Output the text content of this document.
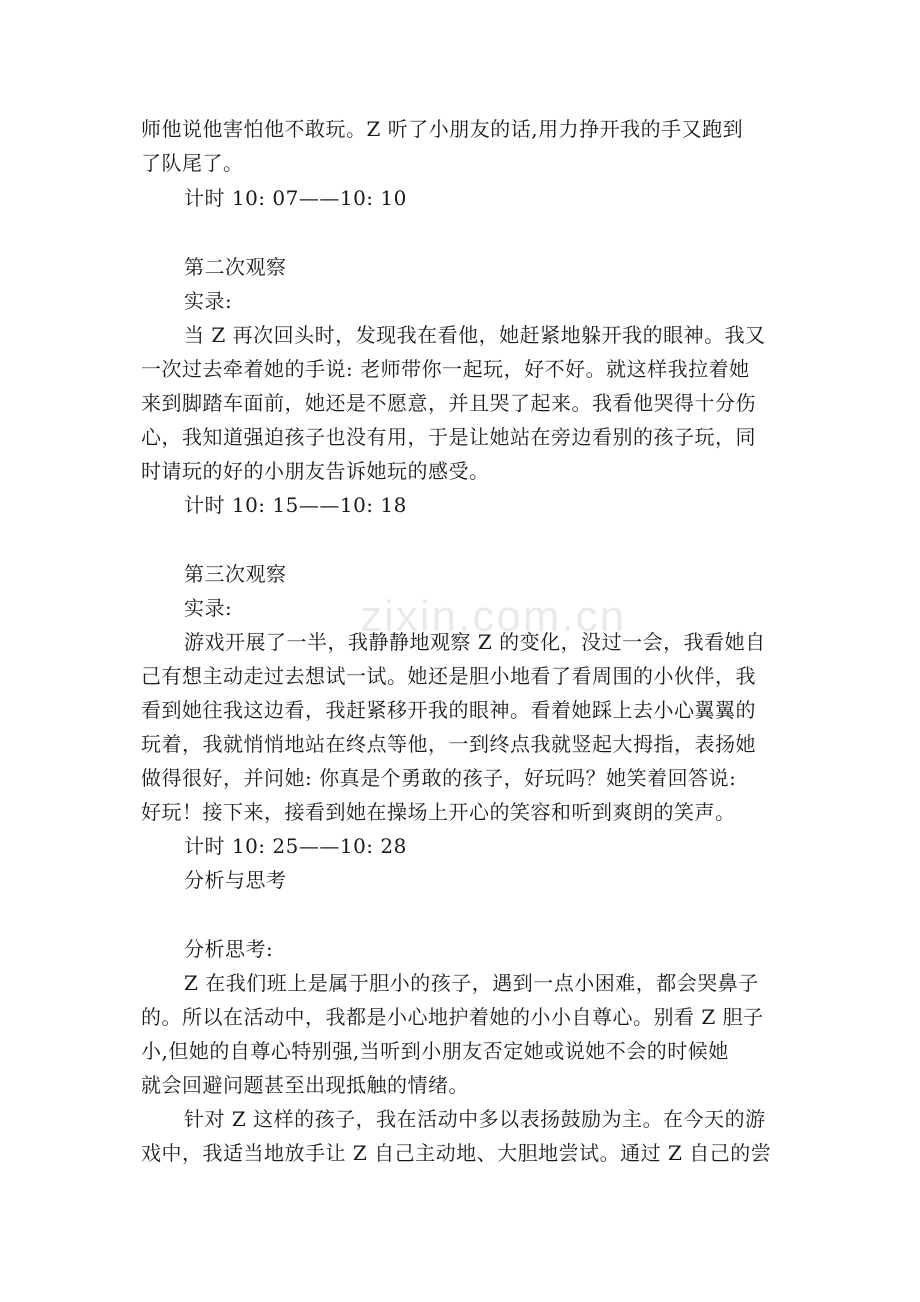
zixin.com.cn
师他说他害怕他不敢玩。Z 听了小朋友的话,用力挣开我的手又跑到
了队尾了。
计时 10: 07——10: 10
第二次观察
实录:
当 Z 再次回头时，发现我在看他，她赶紧地躲开我的眼神。我又
一次过去牵着她的手说: 老师带你一起玩，好不好。就这样我拉着她
来到脚踏车面前，她还是不愿意，并且哭了起来。我看他哭得十分伤
心，我知道强迫孩子也没有用，于是让她站在旁边看别的孩子玩，同
时请玩的好的小朋友告诉她玩的感受。
计时 10: 15——10: 18
第三次观察
实录:
游戏开展了一半，我静静地观察 Z 的变化，没过一会，我看她自
己有想主动走过去想试一试。她还是胆小地看了看周围的小伙伴，我
看到她往我这边看，我赶紧移开我的眼神。看着她踩上去小心翼翼的
玩着，我就悄悄地站在终点等他，一到终点我就竖起大拇指，表扬她
做得很好，并问她: 你真是个勇敢的孩子，好玩吗？她笑着回答说:
好玩！接下来，接看到她在操场上开心的笑容和听到爽朗的笑声。
计时 10: 25——10: 28
分析与思考
分析思考:
Z 在我们班上是属于胆小的孩子，遇到一点小困难，都会哭鼻子
的。所以在活动中，我都是小心地护着她的小小自尊心。别看 Z 胆子
小,但她的自尊心特别强,当听到小朋友否定她或说她不会的时候她
就会回避问题甚至出现抵触的情绪。
针对 Z 这样的孩子，我在活动中多以表扬鼓励为主。在今天的游
戏中，我适当地放手让 Z 自己主动地、大胆地尝试。通过 Z 自己的尝
